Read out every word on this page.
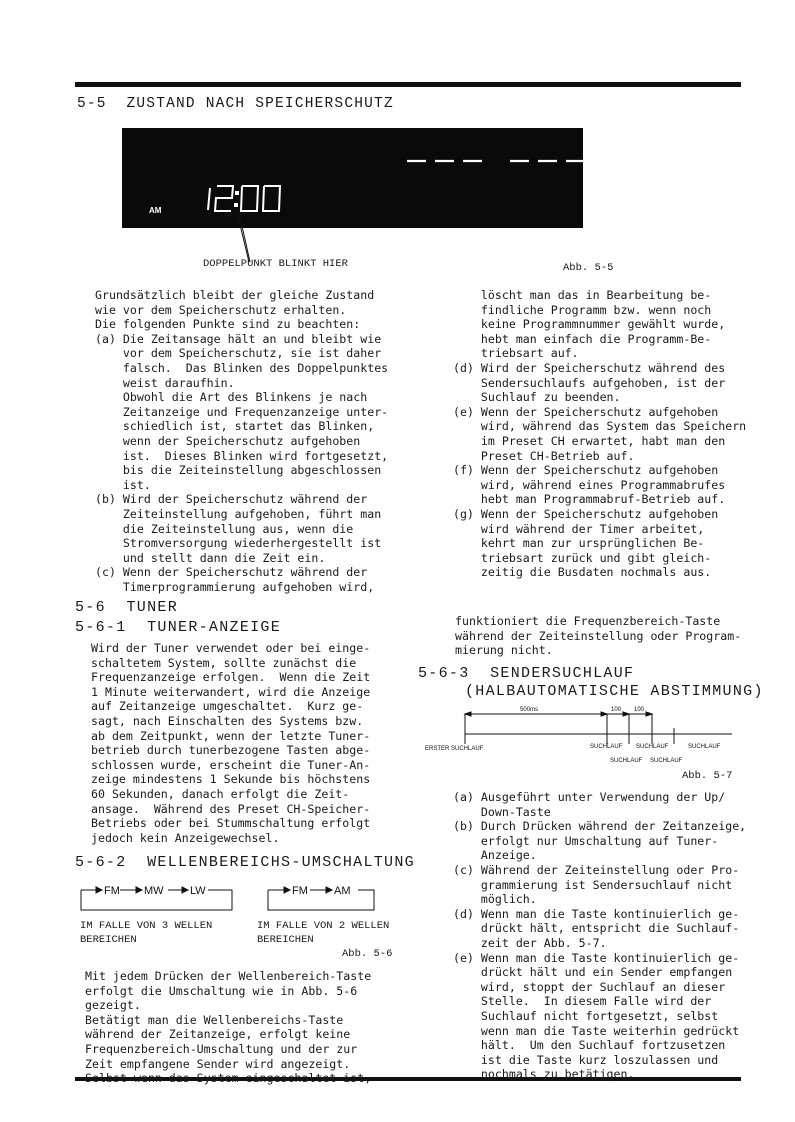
5-5  ZUSTAND NACH SPEICHERSCHUTZ
AM
DOPPELPUNKT BLINKT HIER	Abb. 5-5
Grundsätzlich bleibt der gleiche Zustand
wie vor dem Speicherschutz erhalten.
Die folgenden Punkte sind zu beachten:
(a) Die Zeitansage hält an und bleibt wie
vor dem Speicherschutz, sie ist daher
falsch.  Das Blinken des Doppelpunktes
weist daraufhin.
Obwohl die Art des Blinkens je nach
Zeitanzeige und Frequenzanzeige unter-
schiedlich ist, startet das Blinken,
wenn der Speicherschutz aufgehoben
ist.  Dieses Blinken wird fortgesetzt,
bis die Zeiteinstellung abgeschlossen
ist.
(b) Wird der Speicherschutz während der
Zeiteinstellung aufgehoben, führt man
die Zeiteinstellung aus, wenn die
Stromversorgung wiederhergestellt ist
und stellt dann die Zeit ein.
(c) Wenn der Speicherschutz während der
Timerprogrammierung aufgehoben wird,
löscht man das in Bearbeitung be-
findliche Programm bzw. wenn noch
keine Programmnummer gewählt wurde,
hebt man einfach die Programm-Be-
triebsart auf.
(d) Wird der Speicherschutz während des
Sendersuchlaufs aufgehoben, ist der
Suchlauf zu beenden.
(e) Wenn der Speicherschutz aufgehoben
wird, während das System das Speichern
im Preset CH erwartet, habt man den
Preset CH-Betrieb auf.
(f) Wenn der Speicherschutz aufgehoben
wird, während eines Programmabrufes
hebt man Programmabruf-Betrieb auf.
(g) Wenn der Speicherschutz aufgehoben
wird während der Timer arbeitet,
kehrt man zur ursprünglichen Be-
triebsart zurück und gibt gleich-
zeitig die Busdaten nochmals aus.
5-6  TUNER
5-6-1  TUNER-ANZEIGE
Wird der Tuner verwendet oder bei einge-
schaltetem System, sollte zunächst die
Frequenzanzeige erfolgen.  Wenn die Zeit
1 Minute weiterwandert, wird die Anzeige
auf Zeitanzeige umgeschaltet.  Kurz ge-
sagt, nach Einschalten des Systems bzw.
ab dem Zeitpunkt, wenn der letzte Tuner-
betrieb durch tunerbezogene Tasten abge-
schlossen wurde, erscheint die Tuner-An-
zeige mindestens 1 Sekunde bis höchstens
60 Sekunden, danach erfolgt die Zeit-
ansage.  Während des Preset CH-Speicher-
Betriebs oder bei Stummschaltung erfolgt
jedoch kein Anzeigewechsel.
funktioniert die Frequenzbereich-Taste
während der Zeiteinstellung oder Program-
mierung nicht.
5-6-2  WELLENBEREICHS-UMSCHALTUNG
FM MW LW	FM AM
IM FALLE VON 3 WELLEN
BEREICHEN
IM FALLE VON 2 WELLEN
BEREICHEN
Abb. 5-6
Mit jedem Drücken der Wellenbereich-Taste
erfolgt die Umschaltung wie in Abb. 5-6
gezeigt.
Betätigt man die Wellenbereichs-Taste
während der Zeitanzeige, erfolgt keine
Frequenzbereich-Umschaltung und der zur
Zeit empfangene Sender wird angezeigt.
Selbst wenn das System eingeschaltet ist,
5-6-3  SENDERSUCHLAUF
(HALBAUTOMATISCHE ABSTIMMUNG)
500ms	100 100
ERSTER SUCHLAUF	SUCHLAUF SUCHLAUF	SUCHLAUF
SUCHLAUF SUCHLAUF
Abb. 5-7
(a) Ausgeführt unter Verwendung der Up/
Down-Taste
(b) Durch Drücken während der Zeitanzeige,
erfolgt nur Umschaltung auf Tuner-
Anzeige.
(c) Während der Zeiteinstellung oder Pro-
grammierung ist Sendersuchlauf nicht
möglich.
(d) Wenn man die Taste kontinuierlich ge-
drückt hält, entspricht die Suchlauf-
zeit der Abb. 5-7.
(e) Wenn man die Taste kontinuierlich ge-
drückt hält und ein Sender empfangen
wird, stoppt der Suchlauf an dieser
Stelle.  In diesem Falle wird der
Suchlauf nicht fortgesetzt, selbst
wenn man die Taste weiterhin gedrückt
hält.  Um den Suchlauf fortzusetzen
ist die Taste kurz loszulassen und
nochmals zu betätigen.
